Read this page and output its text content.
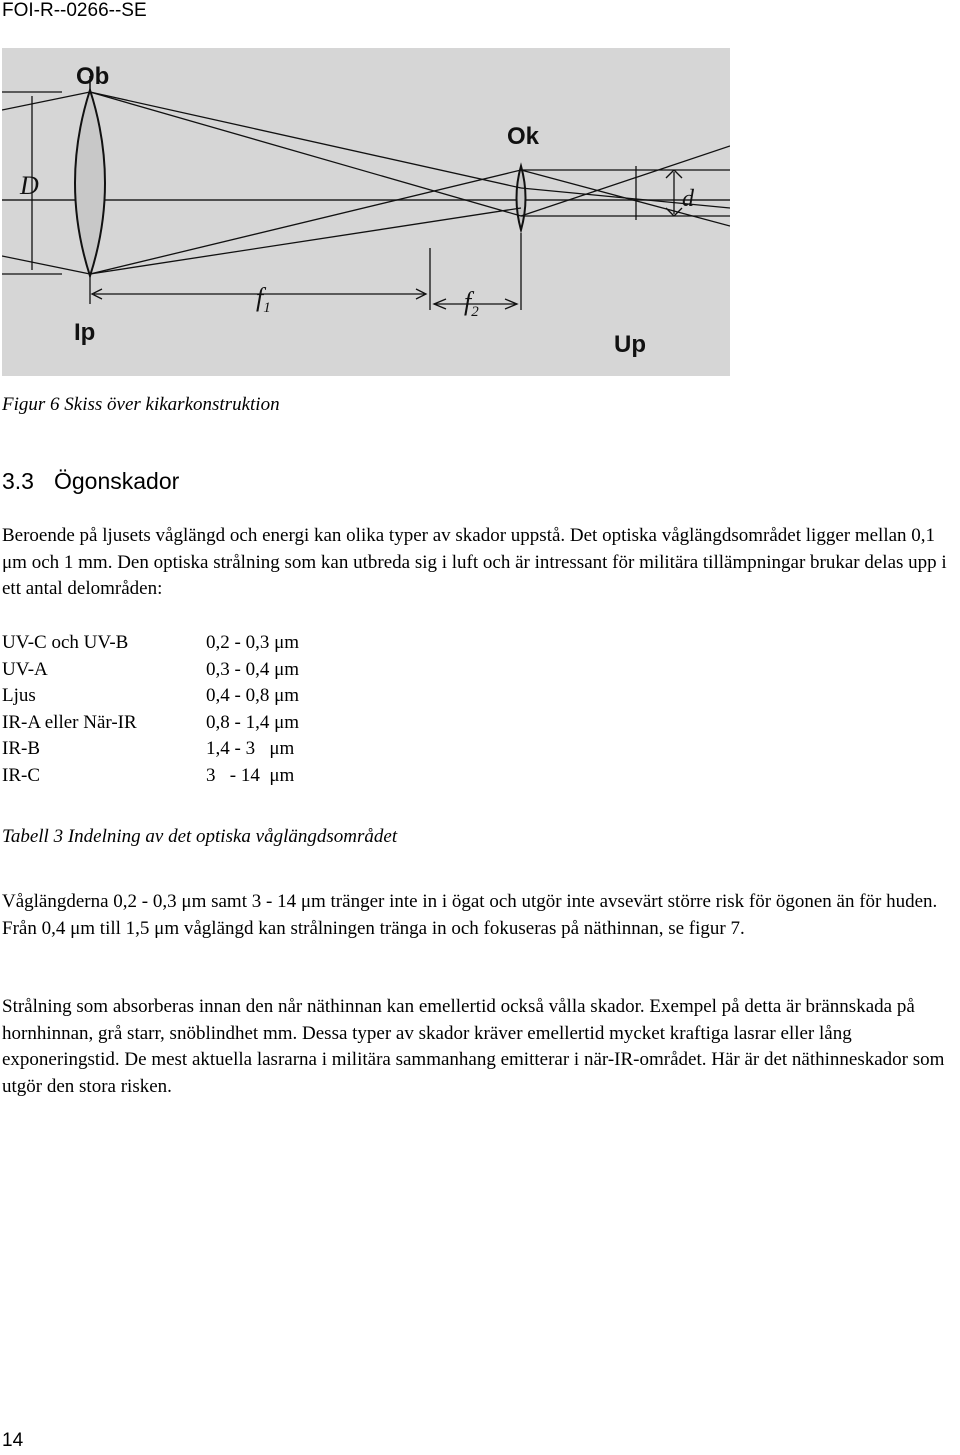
FOI-R--0266--SE
Ob
Ok
Ip	Up
D	d
$f_1$	$f_2$
Figur 6 Skiss över kikarkonstruktion
3.3 Ögonskador
Beroende på ljusets våglängd och energi kan olika typer av skador uppstå. Det optiska våglängdsområdet ligger mellan 0,1 μm och 1 mm. Den optiska strålning som kan utbreda sig i luft och är intressant för militära tillämpningar brukar delas upp i ett antal delområden:
UV-C och UV-B	0,2 - 0,3 μm
UV-A	0,3 - 0,4 μm
Ljus	0,4 - 0,8 μm
IR-A eller När-IR	0,8 - 1,4 μm
IR-B	1,4 - 3   μm
IR-C	3   - 14  μm
Tabell 3 Indelning av det optiska våglängdsområdet
Våglängderna 0,2 - 0,3 μm samt 3 - 14 μm tränger inte in i ögat och utgör inte avsevärt större risk för ögonen än för huden. Från 0,4 μm till 1,5 μm våglängd kan strålningen tränga in och fokuseras på näthinnan, se figur 7.
Strålning som absorberas innan den når näthinnan kan emellertid också vålla skador. Exempel på detta är brännskada på hornhinnan, grå starr, snöblindhet mm. Dessa typer av skador kräver emellertid mycket kraftiga lasrar eller lång exponeringstid. De mest aktuella lasrarna i militära sammanhang emitterar i när-IR-området. Här är det näthinneskador som utgör den stora risken.
14
